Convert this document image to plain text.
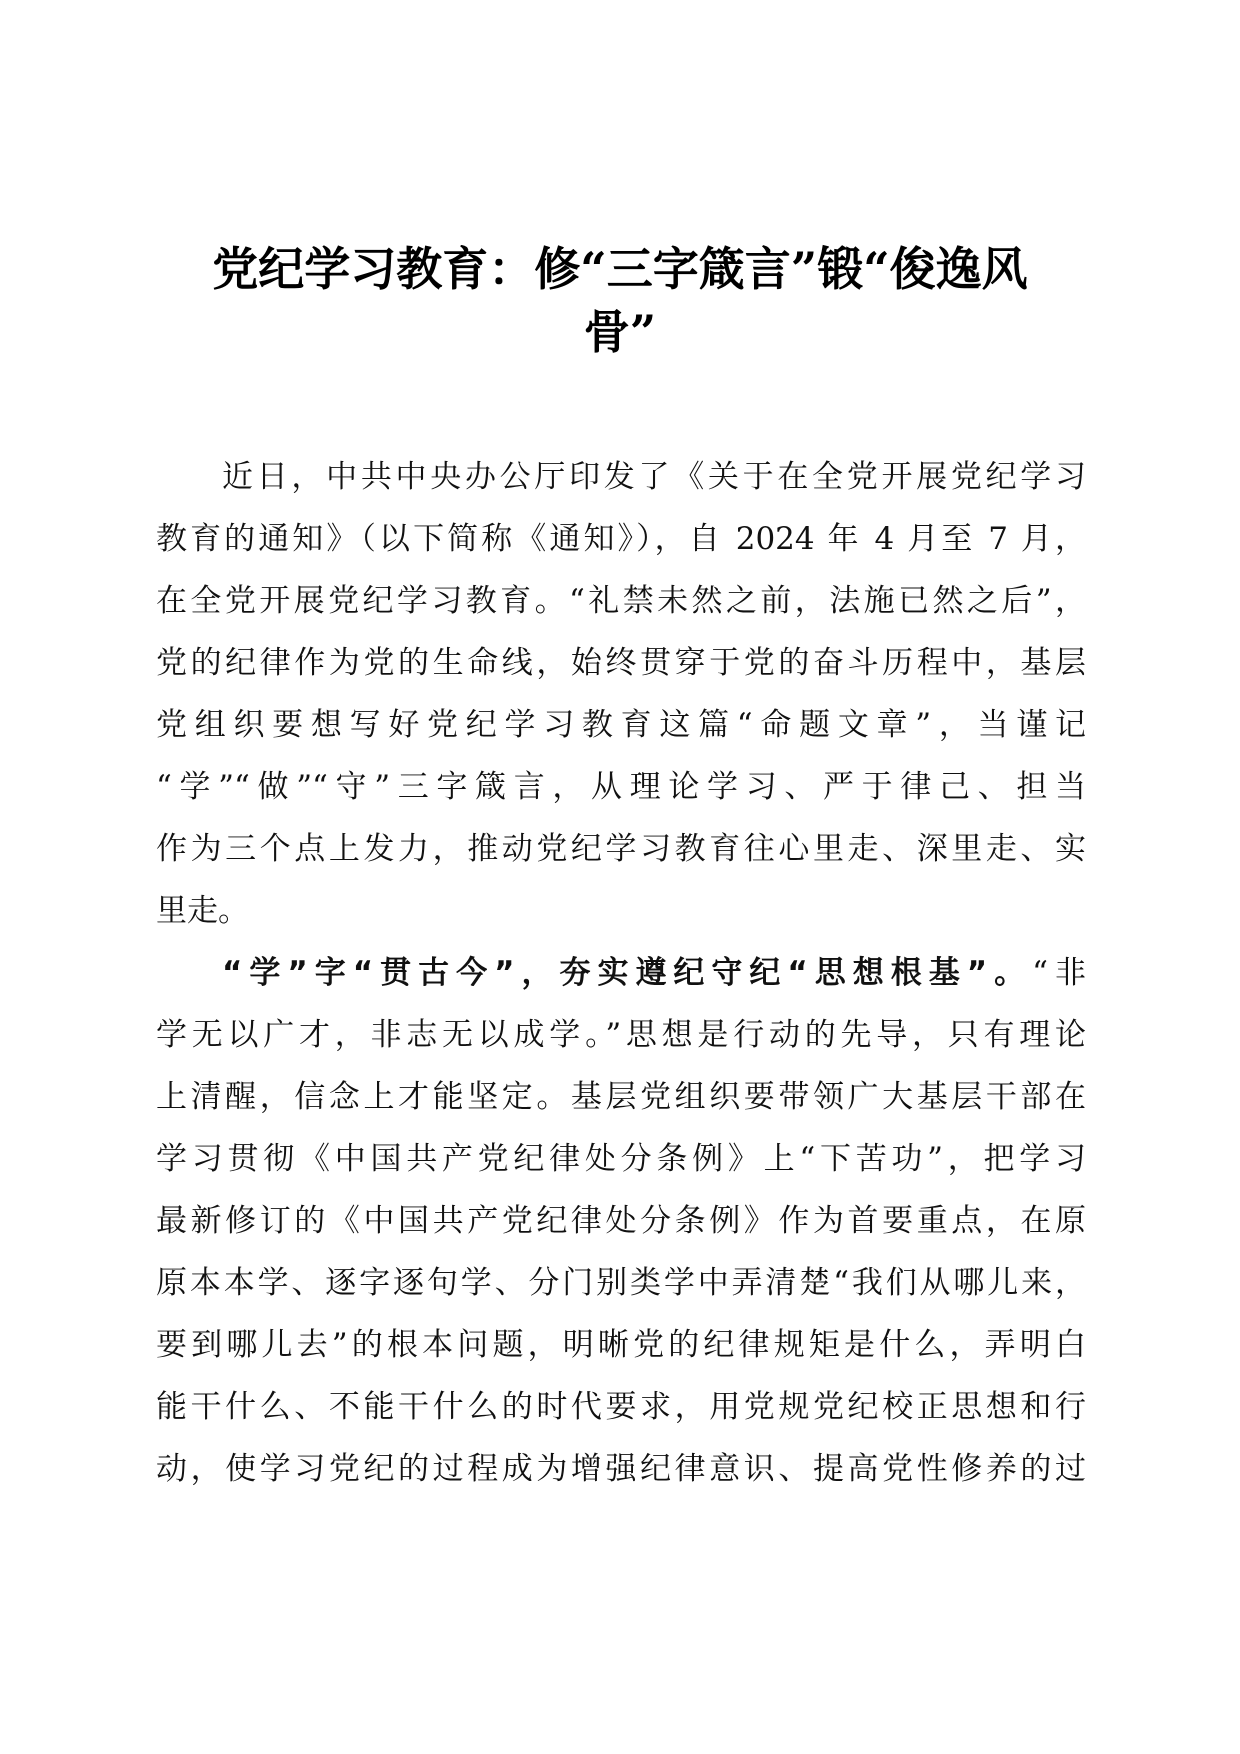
党纪学习教育：修“三字箴言”锻“俊逸风
骨”
近日，中共中央办公厅印发了《关于在全党开展党纪学习
教育的通知》（以下简称《通知》），自 2024 年 4 月至 7 月，
在全党开展党纪学习教育。“礼禁未然之前，法施已然之后”，
党的纪律作为党的生命线，始终贯穿于党的奋斗历程中，基层
党组织要想写好党纪学习教育这篇“命题文章”，当谨记
“学”“做”“守”三字箴言，从理论学习、严于律己、担当
作为三个点上发力，推动党纪学习教育往心里走、深里走、实
里走。
“学”字“贯古今”，夯实遵纪守纪“思想根基”。“非
学无以广才，非志无以成学。”思想是行动的先导，只有理论
上清醒，信念上才能坚定。基层党组织要带领广大基层干部在
学习贯彻《中国共产党纪律处分条例》上“下苦功”，把学习
最新修订的《中国共产党纪律处分条例》作为首要重点，在原
原本本学、逐字逐句学、分门别类学中弄清楚“我们从哪儿来，
要到哪儿去”的根本问题，明晰党的纪律规矩是什么，弄明白
能干什么、不能干什么的时代要求，用党规党纪校正思想和行
动，使学习党纪的过程成为增强纪律意识、提高党性修养的过
